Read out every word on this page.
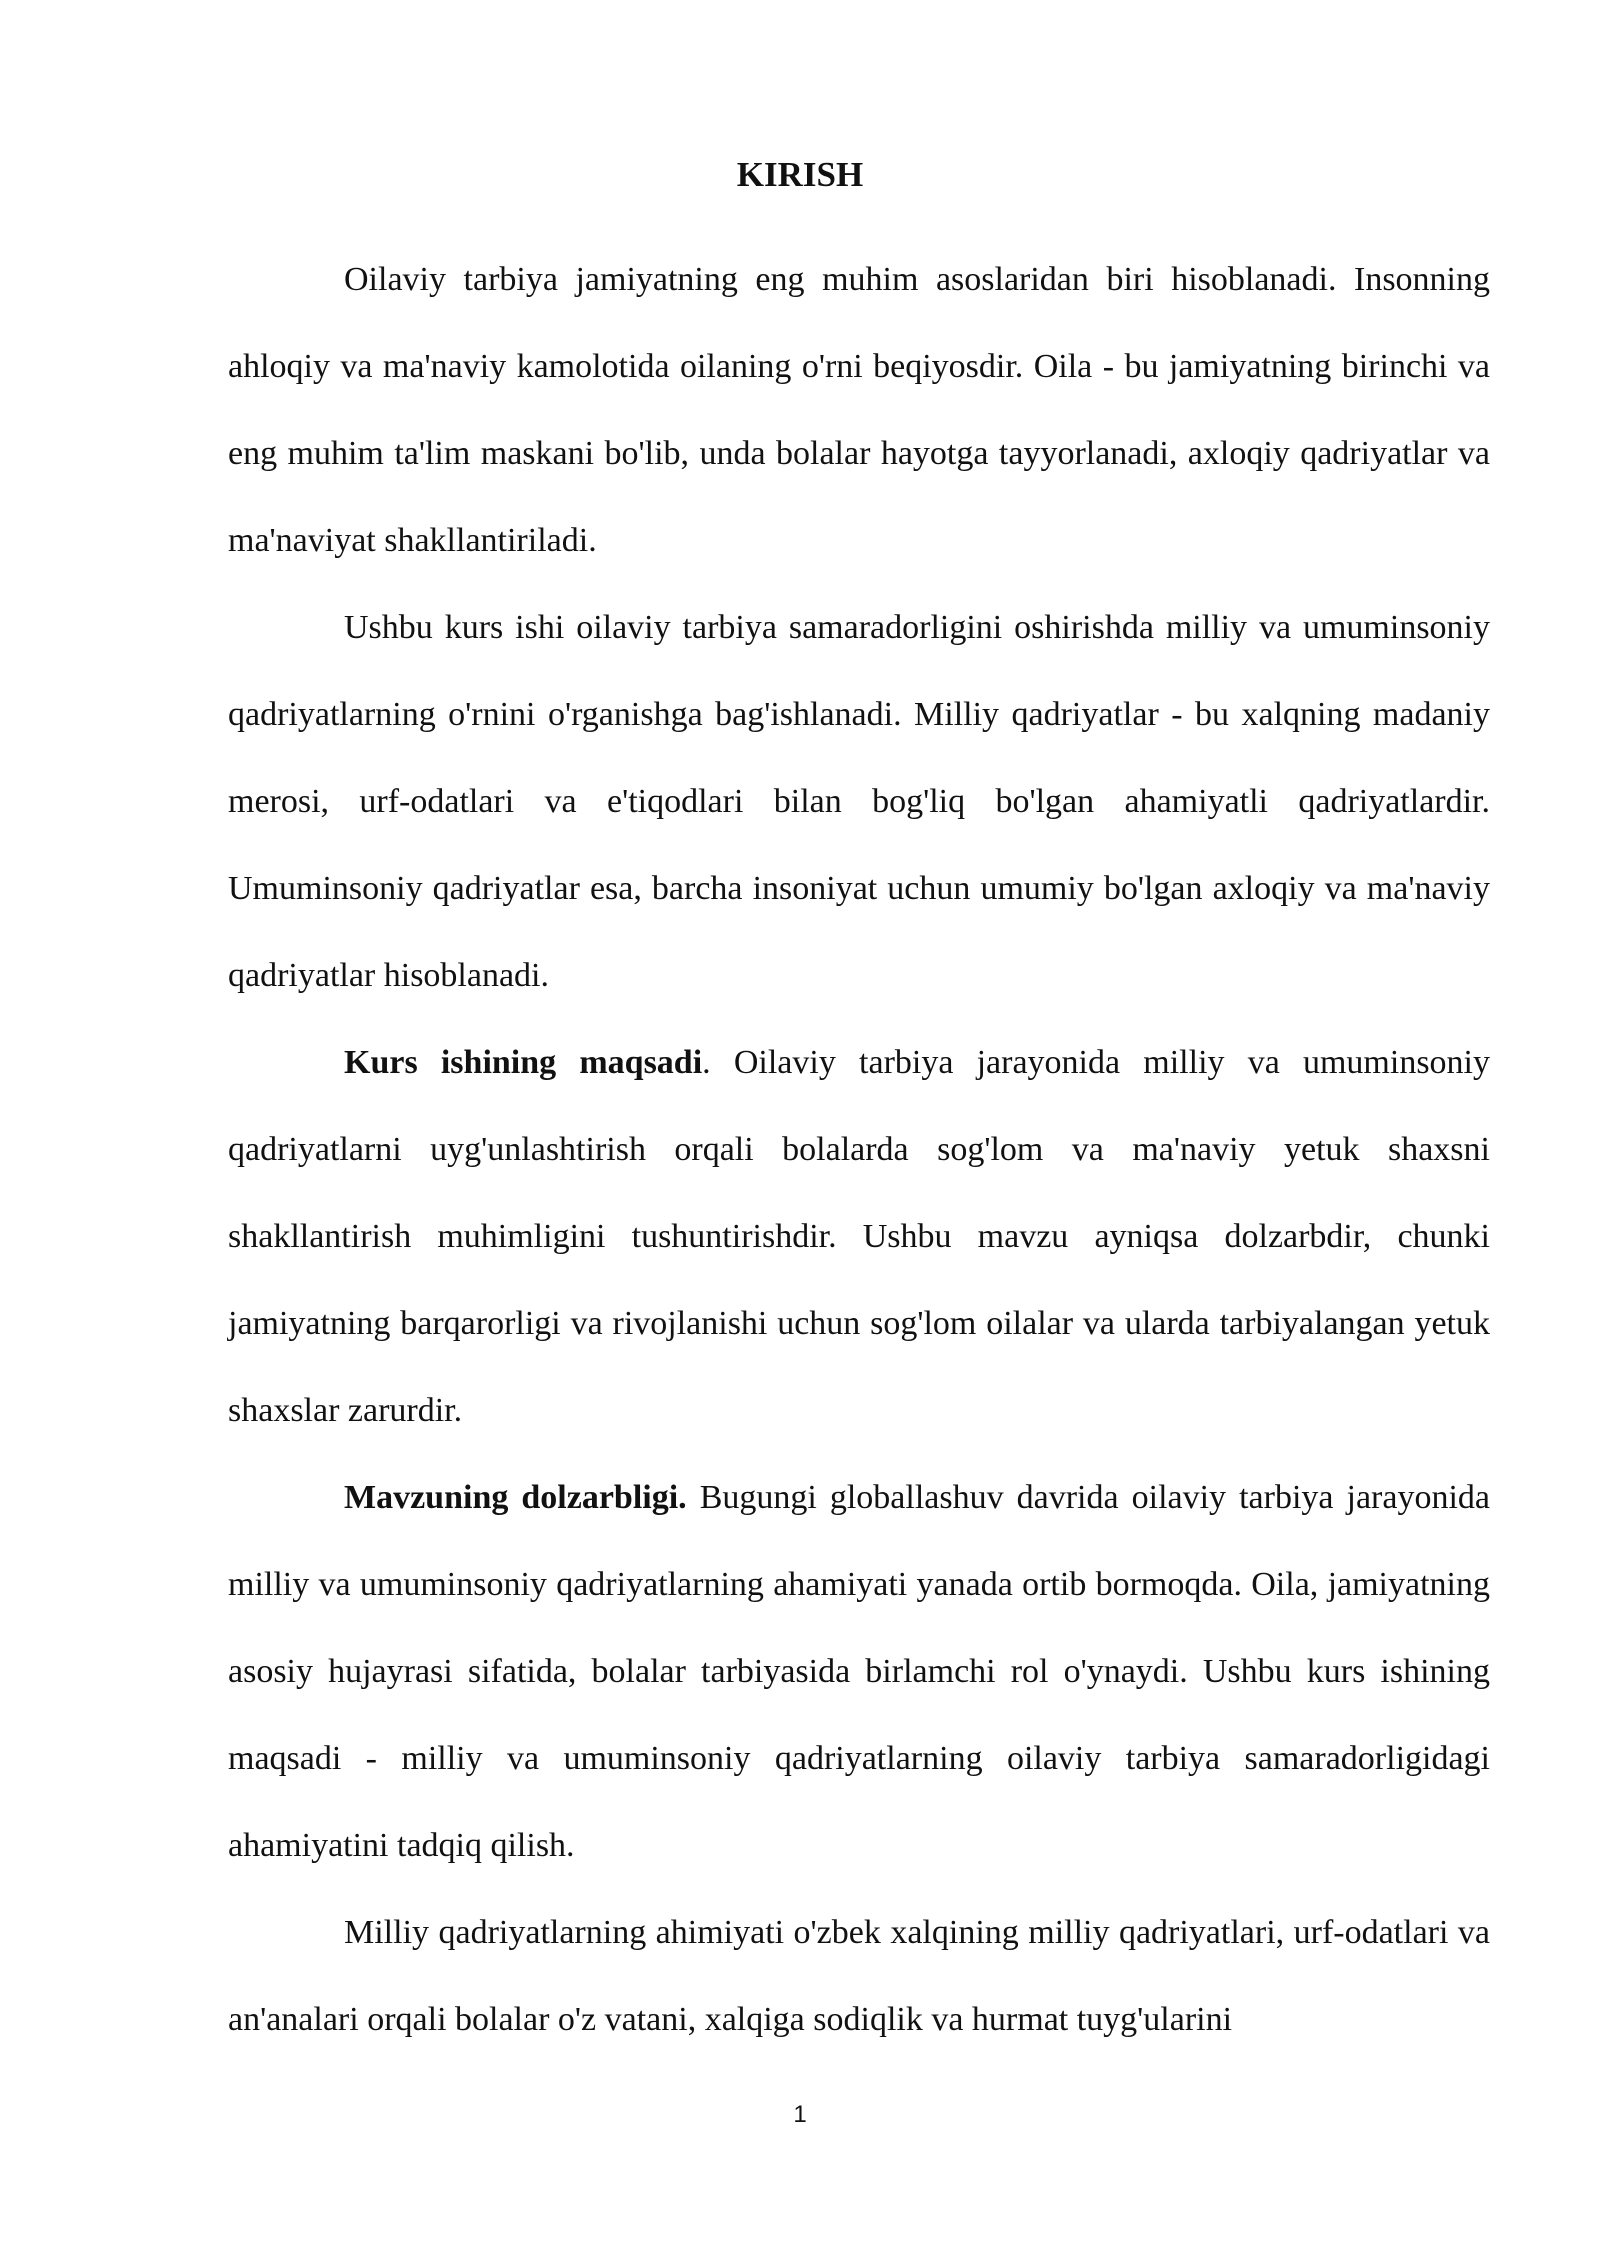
KIRISH

Oilaviy tarbiya jamiyatning eng muhim asoslaridan biri hisoblanadi. Insonning ahloqiy va ma'naviy kamolotida oilaning o'rni beqiyosdir. Oila - bu jamiyatning birinchi va eng muhim ta'lim maskani bo'lib, unda bolalar hayotga tayyorlanadi, axloqiy qadriyatlar va ma'naviyat shakllantiriladi.

Ushbu kurs ishi oilaviy tarbiya samaradorligini oshirishda milliy va umuminsoniy qadriyatlarning o'rnini o'rganishga bag'ishlanadi. Milliy qadriyatlar - bu xalqning madaniy merosi, urf-odatlari va e'tiqodlari bilan bog'liq bo'lgan ahamiyatli qadriyatlardir. Umuminsoniy qadriyatlar esa, barcha insoniyat uchun umumiy bo'lgan axloqiy va ma'naviy qadriyatlar hisoblanadi.

Kurs ishining maqsadi. Oilaviy tarbiya jarayonida milliy va umuminsoniy qadriyatlarni uyg'unlashtirish orqali bolalarda sog'lom va ma'naviy yetuk shaxsni shakllantirish muhimligini tushuntirishdir. Ushbu mavzu ayniqsa dolzarbdir, chunki jamiyatning barqarorligi va rivojlanishi uchun sog'lom oilalar va ularda tarbiyalangan yetuk shaxslar zarurdir.

Mavzuning dolzarbligi. Bugungi globallashuv davrida oilaviy tarbiya jarayonida milliy va umuminsoniy qadriyatlarning ahamiyati yanada ortib bormoqda. Oila, jamiyatning asosiy hujayrasi sifatida, bolalar tarbiyasida birlamchi rol o'ynaydi. Ushbu kurs ishining maqsadi - milliy va umuminsoniy qadriyatlarning oilaviy tarbiya samaradorligidagi ahamiyatini tadqiq qilish.

Milliy qadriyatlarning ahimiyati o'zbek xalqining milliy qadriyatlari, urf-odatlari va an'analari orqali bolalar o'z vatani, xalqiga sodiqlik va hurmat tuyg'ularini

1
